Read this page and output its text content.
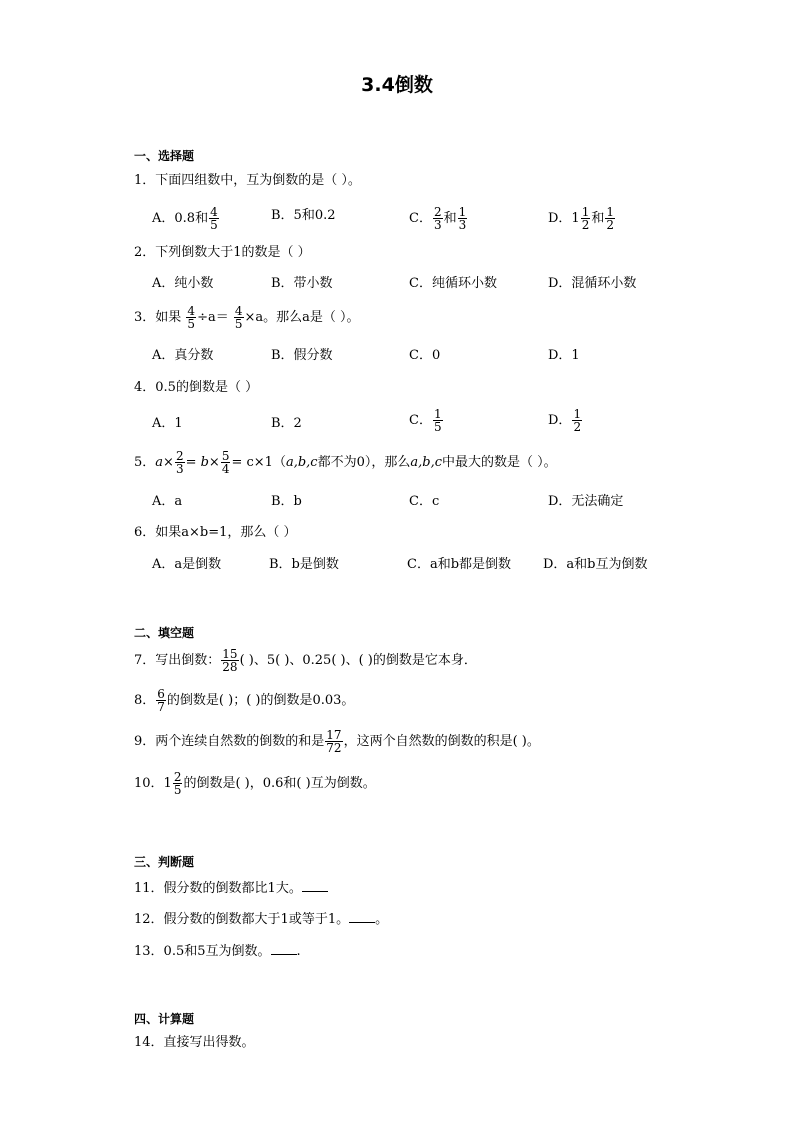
3.4倒数
一、选择题
1．下面四组数中，互为倒数的是（ ）。
A．0.8和 $\frac{4}{5}$	B．5和0.2	C． $\frac{2}{3}$ 和 $\frac{1}{3}$	D．$1 \frac{1}{2}$ 和 $\frac{1}{2}$
2．下列倒数大于1的数是（ ）
A．纯小数	B．带小数	C．纯循环小数	D．混循环小数
3．如果 $\frac{4}{5} \div a= \frac{4}{5} \times a$。那么a是（ ）。
A．真分数	B．假分数	C．0	D．1
4．0.5的倒数是（ ）
A．1	B．2	C． $\frac{1}{5}$	D． $\frac{1}{2}$
5．$a\times \frac{2}{3} = b\times \frac{5}{4} = c\times 1(a,b,c$都不为0），那么a,b,c中最大的数是（ ）。
A．a	B．b	C．c	D．无法确定
6．如果a×b=1，那么（ ）
A．a是倒数	B．b是倒数	C．a和b都是倒数 D．a和b互为倒数
二、填空题
7．写出倒数： $\frac{15}{28}$ ( )、5( )、0.25( )、( )的倒数是它本身．
8． $\frac{6}{7}$ 的倒数是( )；( )的倒数是0.03。
9．两个连续自然数的倒数的和是 $\frac{17}{72}$ ，这两个自然数的倒数的积是( )。
10．$1 \frac{2}{5}$ 的倒数是( )，0.6和( )互为倒数。
三、判断题
11．假分数的倒数都比1大。
12．假分数的倒数都大于1或等于1。 。
13．0.5和5互为倒数。 .
四、计算题
14．直接写出得数。
